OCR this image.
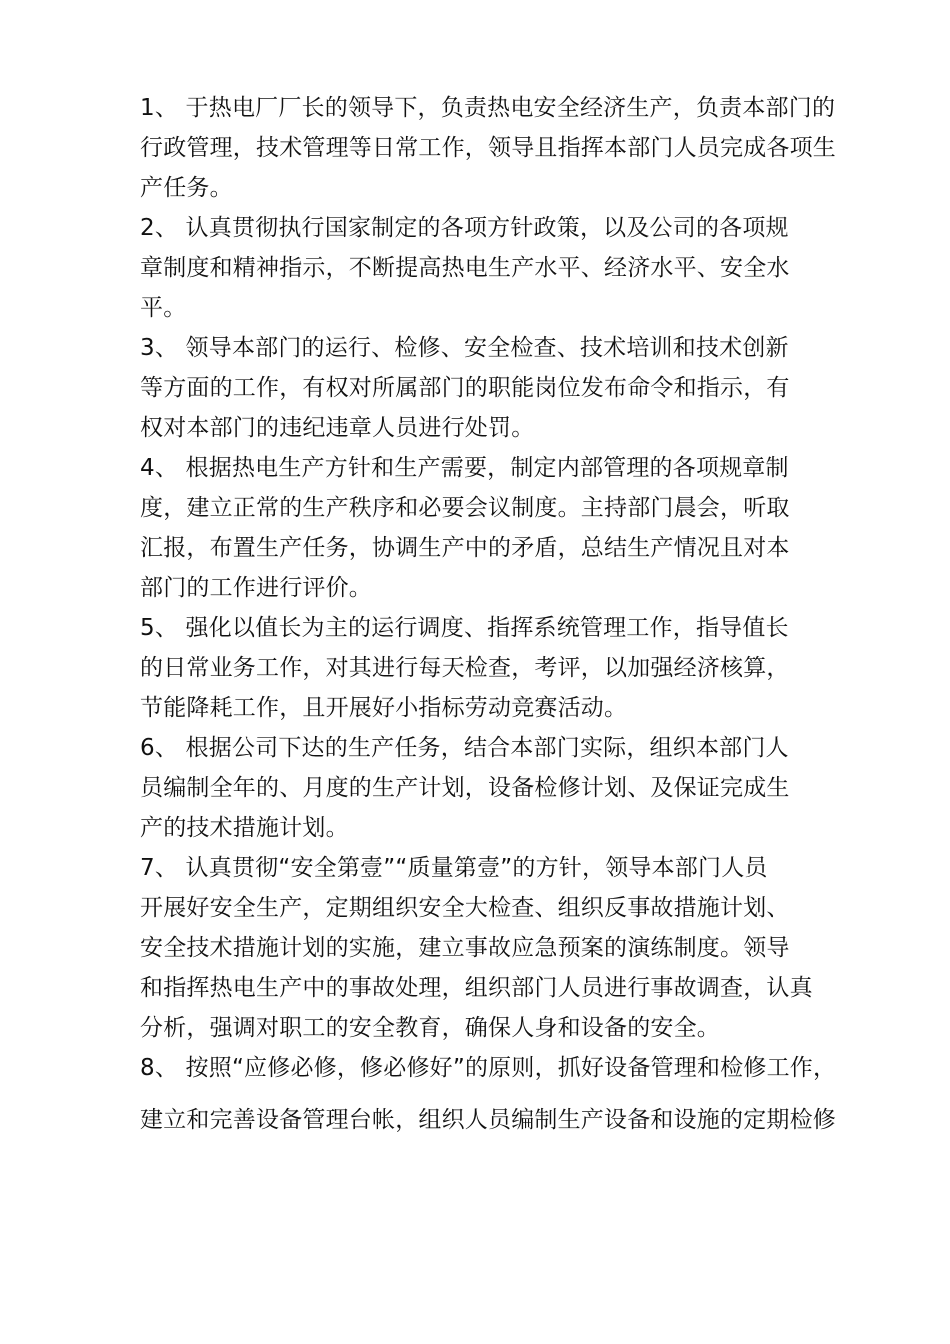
1、 于热电厂厂长的领导下，负责热电安全经济生产，负责本部门的
行政管理，技术管理等日常工作，领导且指挥本部门人员完成各项生
产任务。
2、 认真贯彻执行国家制定的各项方针政策，以及公司的各项规
章制度和精神指示，不断提高热电生产水平、经济水平、安全水
平。
3、 领导本部门的运行、检修、安全检查、技术培训和技术创新
等方面的工作，有权对所属部门的职能岗位发布命令和指示，有
权对本部门的违纪违章人员进行处罚。
4、 根据热电生产方针和生产需要，制定内部管理的各项规章制
度，建立正常的生产秩序和必要会议制度。主持部门晨会，听取
汇报，布置生产任务，协调生产中的矛盾，总结生产情况且对本
部门的工作进行评价。
5、 强化以值长为主的运行调度、指挥系统管理工作，指导值长
的日常业务工作，对其进行每天检查，考评，以加强经济核算，
节能降耗工作，且开展好小指标劳动竞赛活动。
6、 根据公司下达的生产任务，结合本部门实际，组织本部门人
员编制全年的、月度的生产计划，设备检修计划、及保证完成生
产的技术措施计划。
7、 认真贯彻“安全第壹”“质量第壹”的方针，领导本部门人员
开展好安全生产，定期组织安全大检查、组织反事故措施计划、
安全技术措施计划的实施，建立事故应急预案的演练制度。领导
和指挥热电生产中的事故处理，组织部门人员进行事故调查，认真
分析，强调对职工的安全教育，确保人身和设备的安全。
8、 按照“应修必修，修必修好”的原则，抓好设备管理和检修工作，
建立和完善设备管理台帐，组织人员编制生产设备和设施的定期检修
